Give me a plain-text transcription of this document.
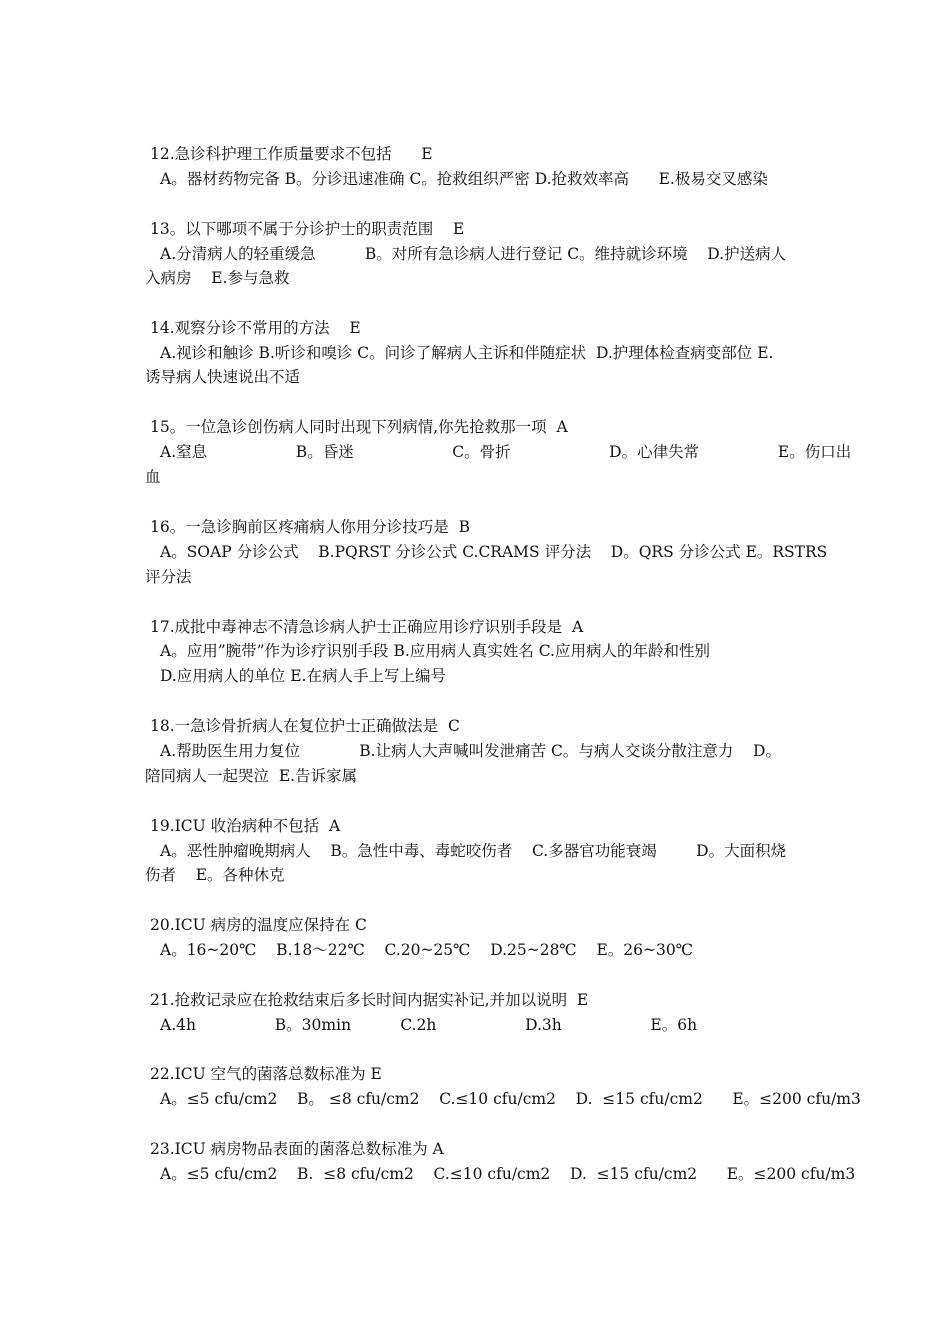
12.急诊科护理工作质量要求不包括      E
A。器材药物完备 B。分诊迅速准确 C。抢救组织严密 D.抢救效率高      E.极易交叉感染
13。以下哪项不属于分诊护士的职责范围    E
A.分清病人的轻重缓急          B。对所有急诊病人进行登记 C。维持就诊环境    D.护送病人
入病房    E.参与急救
14.观察分诊不常用的方法    E
A.视诊和触诊 B.听诊和嗅诊 C。问诊了解病人主诉和伴随症状  D.护理体检查病变部位 E.
诱导病人快速说出不适
15。一位急诊创伤病人同时出现下列病情,你先抢救那一项  A
A.窒息                  B。昏迷                    C。骨折                    D。心律失常                E。伤口出
血
16。一急诊胸前区疼痛病人你用分诊技巧是  B
A。SOAP 分诊公式    B.PQRST 分诊公式 C.CRAMS 评分法    D。QRS 分诊公式 E。RSTRS
评分法
17.成批中毒神志不清急诊病人护士正确应用诊疗识别手段是  A
A。应用”腕带”作为诊疗识别手段 B.应用病人真实姓名 C.应用病人的年龄和性别
D.应用病人的单位 E.在病人手上写上编号
18.一急诊骨折病人在复位护士正确做法是  C
A.帮助医生用力复位            B.让病人大声喊叫发泄痛苦 C。与病人交谈分散注意力    D。
陪同病人一起哭泣  E.告诉家属
19.ICU 收治病种不包括  A
A。恶性肿瘤晚期病人    B。急性中毒、毒蛇咬伤者    C.多器官功能衰竭        D。大面积烧
伤者    E。各种休克
20.ICU 病房的温度应保持在 C
A。16~20℃    B.18～22℃    C.20~25℃    D.25~28℃    E。26~30℃
21.抢救记录应在抢救结束后多长时间内据实补记,并加以说明  E
A.4h                B。30min          C.2h                  D.3h                  E。6h
22.ICU 空气的菌落总数标准为 E
A。≤5 cfu/cm2    B。 ≤8 cfu/cm2    C.≤10 cfu/cm2    D.  ≤15 cfu/cm2      E。≤200 cfu/m3
23.ICU 病房物品表面的菌落总数标准为 A
A。≤5 cfu/cm2    B.  ≤8 cfu/cm2    C.≤10 cfu/cm2    D.  ≤15 cfu/cm2      E。≤200 cfu/m3
